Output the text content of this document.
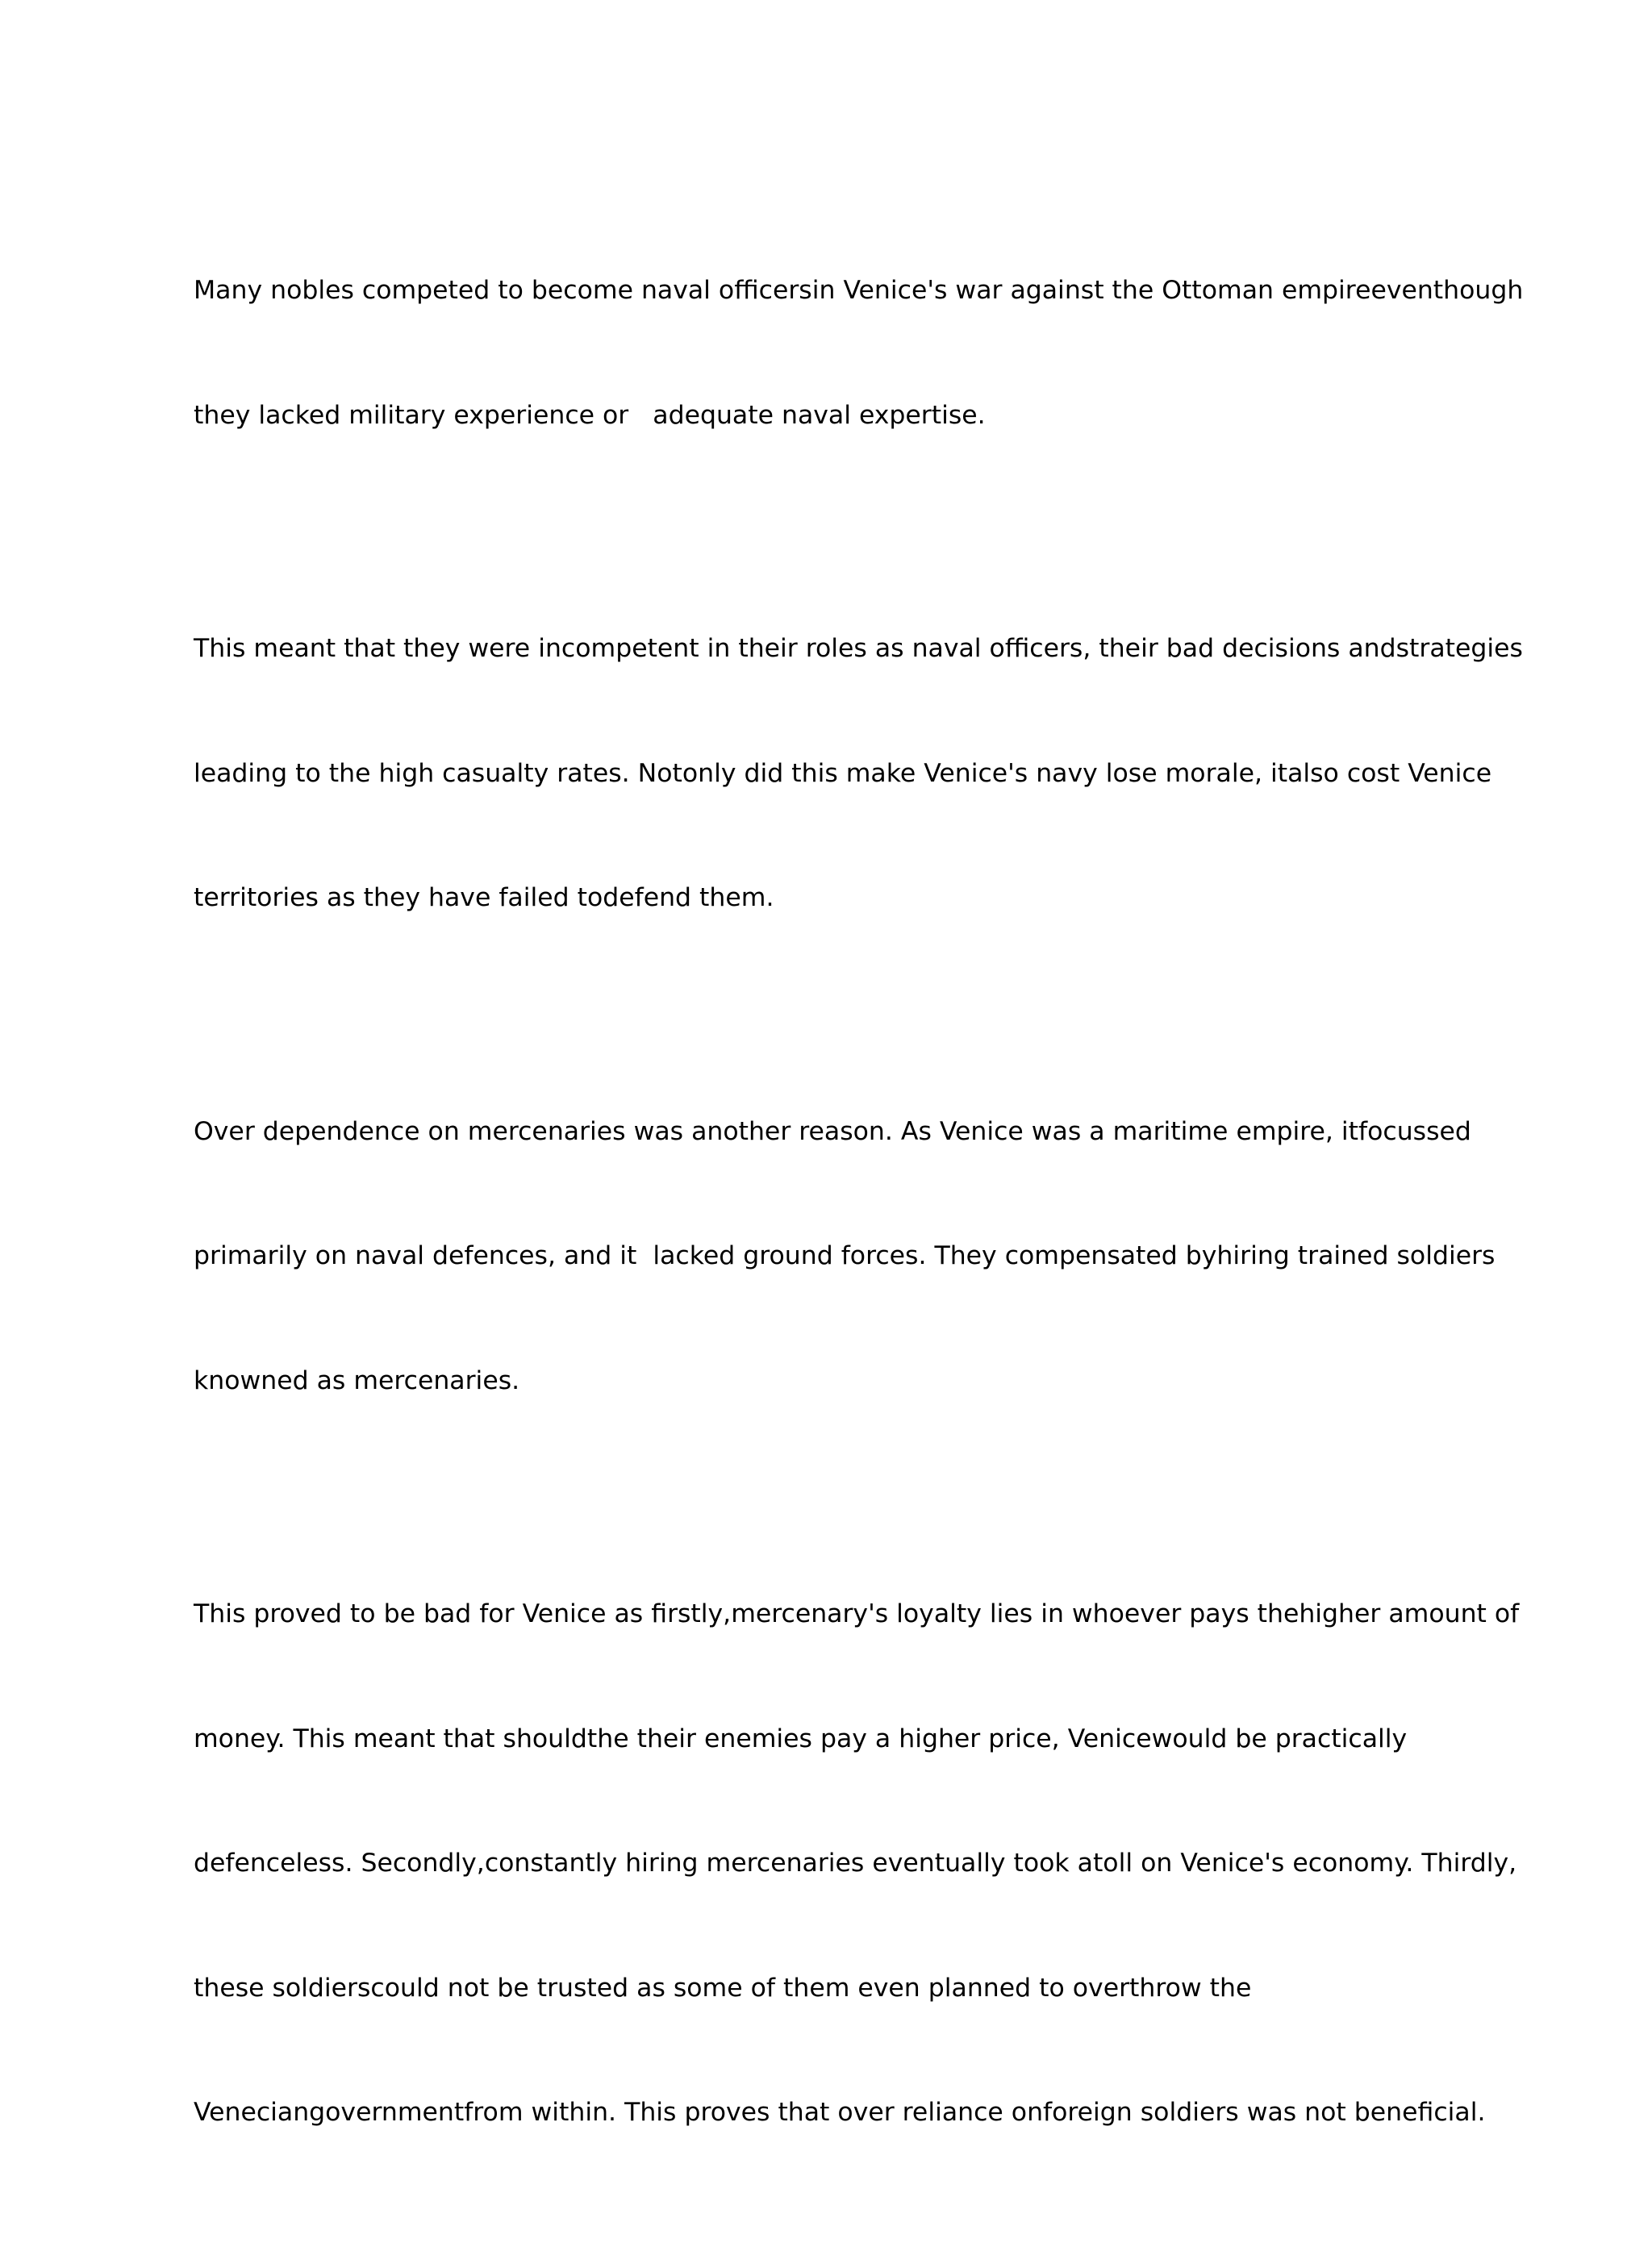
Many nobles competed to become naval officersin Venice's war against the Ottoman empireeventhough

they lacked military experience or   adequate naval expertise.

This meant that they were incompetent in their roles as naval officers, their bad decisions andstrategies

leading to the high casualty rates. Notonly did this make Venice's navy lose morale, italso cost Venice

territories as they have failed todefend them.

Over dependence on mercenaries was another reason. As Venice was a maritime empire, itfocussed

primarily on naval defences, and it  lacked ground forces. They compensated byhiring trained soldiers

knowned as mercenaries.

This proved to be bad for Venice as firstly,mercenary's loyalty lies in whoever pays thehigher amount of

money. This meant that shouldthe their enemies pay a higher price, Venicewould be practically

defenceless. Secondly,constantly hiring mercenaries eventually took atoll on Venice's economy. Thirdly,

these soldierscould not be trusted as some of them even planned to overthrow the

Veneciangovernmentfrom within. This proves that over reliance onforeign soldiers was not beneficial.
